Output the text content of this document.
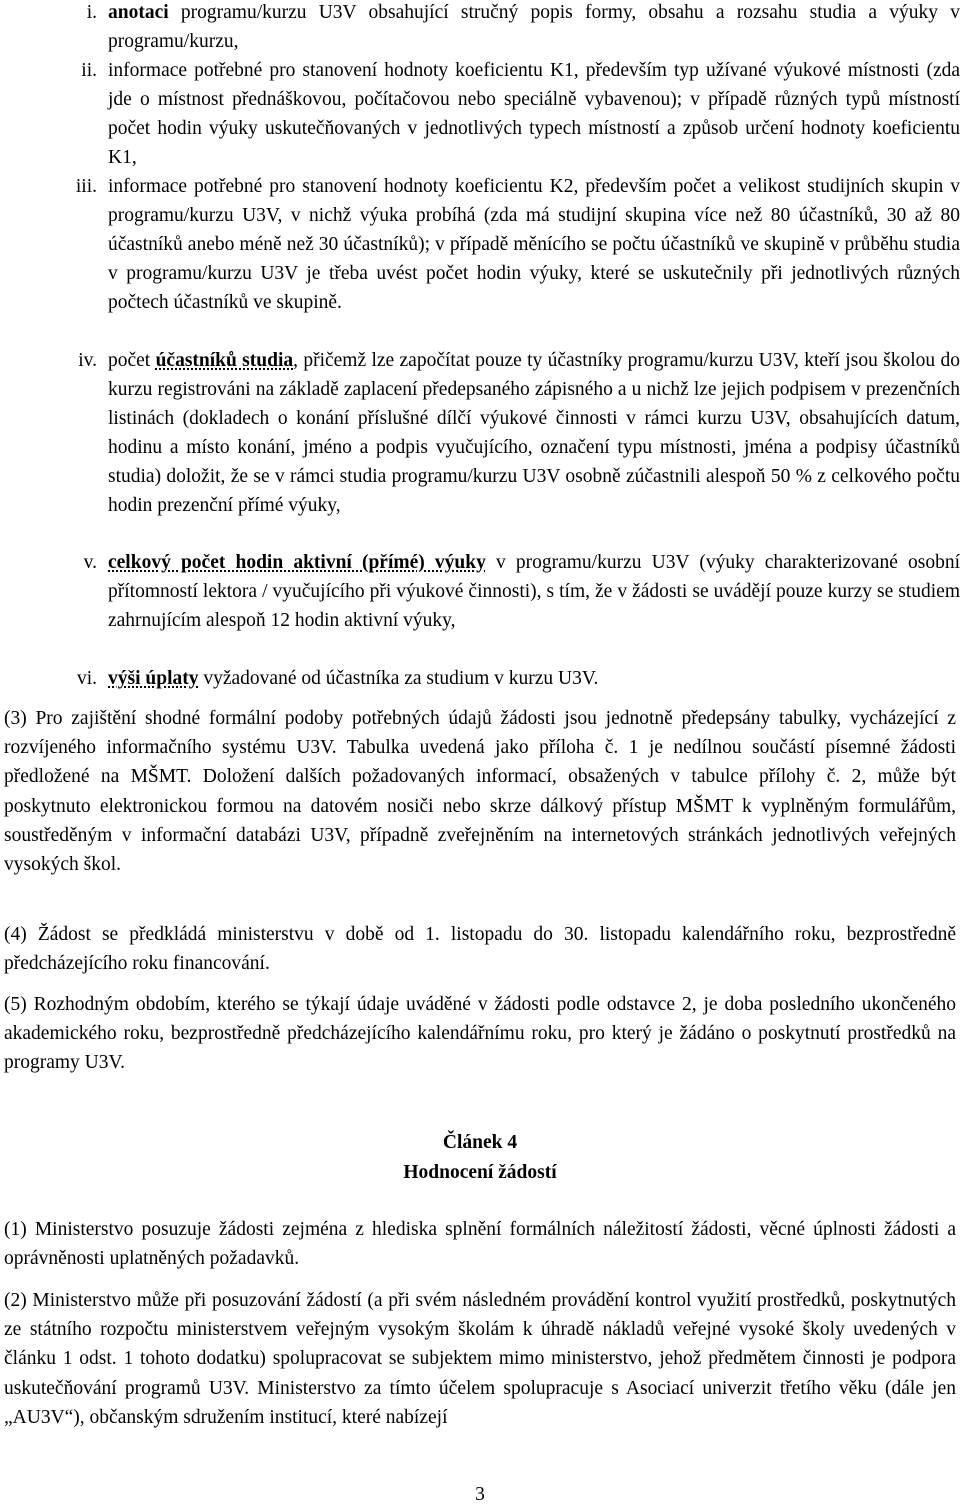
i. anotaci programu/kurzu U3V obsahující stručný popis formy, obsahu a rozsahu studia a výuky v programu/kurzu,
ii. informace potřebné pro stanovení hodnoty koeficientu K1, především typ užívané výukové místnosti (zda jde o místnost přednáškovou, počítačovou nebo speciálně vybavenou); v případě různých typů místností počet hodin výuky uskutečňovaných v jednotlivých typech místností a způsob určení hodnoty koeficientu K1,
iii. informace potřebné pro stanovení hodnoty koeficientu K2, především počet a velikost studijních skupin v programu/kurzu U3V, v nichž výuka probíhá (zda má studijní skupina více než 80 účastníků, 30 až 80 účastníků anebo méně než 30 účastníků); v případě měnícího se počtu účastníků ve skupině v průběhu studia v programu/kurzu U3V je třeba uvést počet hodin výuky, které se uskutečnily při jednotlivých různých počtech účastníků ve skupině.
iv. počet účastníků studia, přičemž lze započítat pouze ty účastníky programu/kurzu U3V, kteří jsou školou do kurzu registrováni na základě zaplacení předepsaného zápisného a u nichž lze jejich podpisem v prezenčních listinách (dokladech o konání příslušné dílčí výukové činnosti v rámci kurzu U3V, obsahujících datum, hodinu a místo konání, jméno a podpis vyučujícího, označení typu místnosti, jména a podpisy účastníků studia) doložit, že se v rámci studia programu/kurzu U3V osobně zúčastnili alespoň 50 % z celkového počtu hodin prezenční přímé výuky,
v. celkový počet hodin aktivní (přímé) výuky v programu/kurzu U3V (výuky charakterizované osobní přítomností lektora / vyučujícího při výukové činnosti), s tím, že v žádosti se uvádějí pouze kurzy se studiem zahrnujícím alespoň 12 hodin aktivní výuky,
vi. výši úplaty vyžadované od účastníka za studium v kurzu U3V.

(3) Pro zajištění shodné formální podoby potřebných údajů žádosti jsou jednotně předepsány tabulky, vycházející z rozvíjeného informačního systému U3V. Tabulka uvedená jako příloha č. 1 je nedílnou součástí písemné žádosti předložené na MŠMT. Doložení dalších požadovaných informací, obsažených v tabulce přílohy č. 2, může být poskytnuto elektronickou formou na datovém nosiči nebo skrze dálkový přístup MŠMT k vyplněným formulářům, soustředěným v informační databázi U3V, případně zveřejněním na internetových stránkách jednotlivých veřejných vysokých škol.

(4) Žádost se předkládá ministerstvu v době od 1. listopadu do 30. listopadu kalendářního roku, bezprostředně předcházejícího roku financování.

(5) Rozhodným obdobím, kterého se týkají údaje uváděné v žádosti podle odstavce 2, je doba posledního ukončeného akademického roku, bezprostředně předcházejícího kalendářnímu roku, pro který je žádáno o poskytnutí prostředků na programy U3V.

Článek 4
Hodnocení žádostí

(1) Ministerstvo posuzuje žádosti zejména z hlediska splnění formálních náležitostí žádosti, věcné úplnosti žádosti a oprávněnosti uplatněných požadavků.

(2) Ministerstvo může při posuzování žádostí (a při svém následném provádění kontrol využití prostředků, poskytnutých ze státního rozpočtu ministerstvem veřejným vysokým školám k úhradě nákladů veřejné vysoké školy uvedených v článku 1 odst. 1 tohoto dodatku) spolupracovat se subjektem mimo ministerstvo, jehož předmětem činnosti je podpora uskutečňování programů U3V. Ministerstvo za tímto účelem spolupracuje s Asociací univerzit třetího věku (dále jen „AU3V“), občanským sdružením institucí, které nabízejí

3
